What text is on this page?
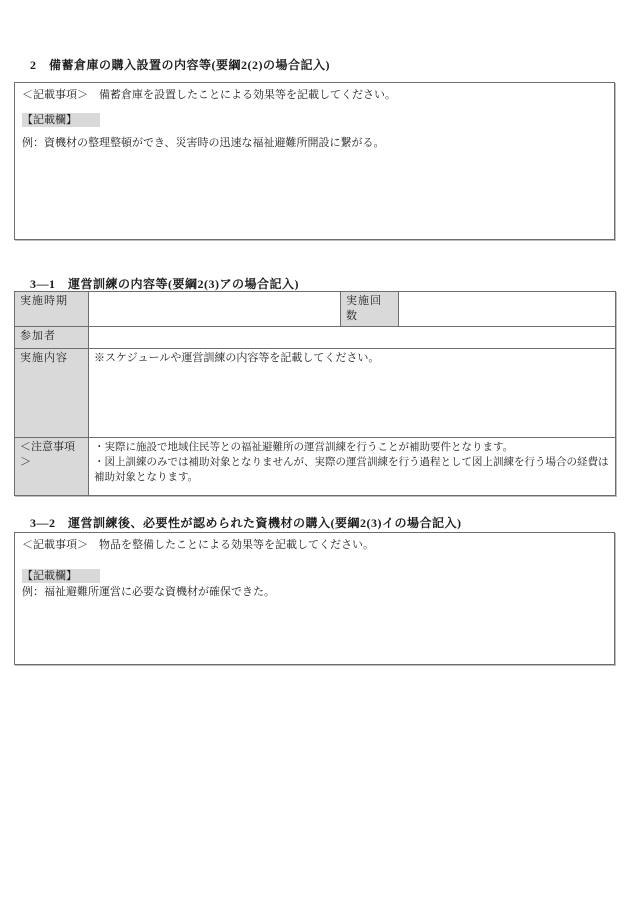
2　備蓄倉庫の購入設置の内容等(要綱2(2)の場合記入)
＜記載事項＞　備蓄倉庫を設置したことによる効果等を記載してください。
【記載欄】
例：資機材の整理整頓ができ、災害時の迅速な福祉避難所開設に繋がる。
3—1　運営訓練の内容等(要綱2(3)アの場合記入)
実施時期		実施回数	
参加者			
実施内容	※スケジュールや運営訓練の内容等を記載してください。		
＜注意事項＞	・実際に施設で地域住民等との福祉避難所の運営訓練を行うことが補助要件となります。

・図上訓練のみでは補助対象となりませんが、実際の運営訓練を行う過程として図上訓練を行う場合の経費は補助対象となります。		

3—2　運営訓練後、必要性が認められた資機材の購入(要綱2(3)イの場合記入)
＜記載事項＞　物品を整備したことによる効果等を記載してください。
【記載欄】
例：福祉避難所運営に必要な資機材が確保できた。
